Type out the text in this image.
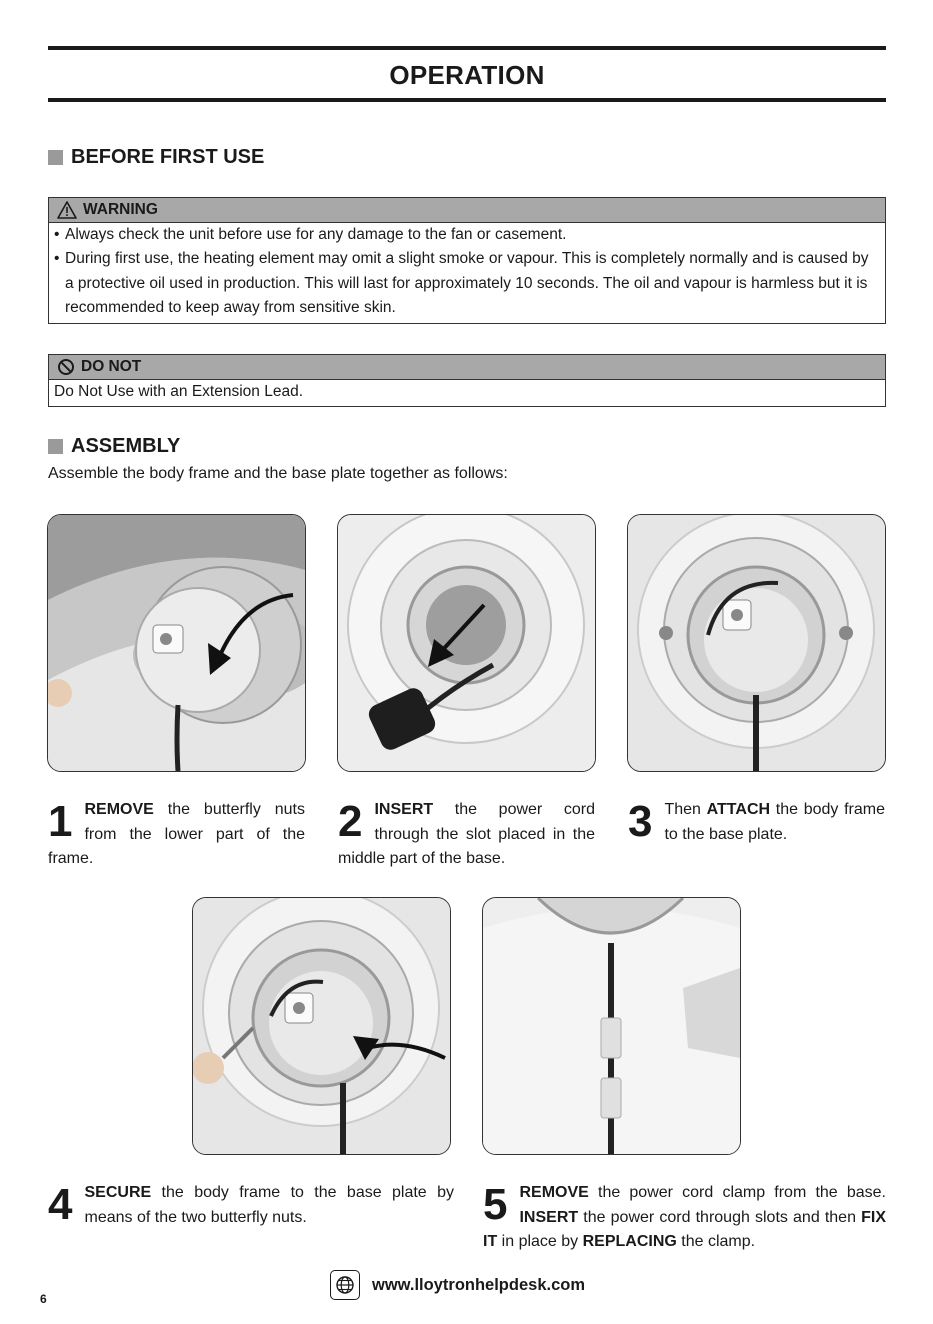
OPERATION
BEFORE FIRST USE
WARNING
• Always check the unit before use for any damage to the fan or casement.
• During first use, the heating element may omit a slight smoke or vapour. This is completely normally and is caused by a protective oil used in production. This will last for approximately 10 seconds. The oil and vapour is harmless but it is recommended to keep away from sensitive skin.
DO NOT
Do Not Use with an Extension Lead.
ASSEMBLY
Assemble the body frame and the base plate together as follows:
1 REMOVE the butterfly nuts from the lower part of the frame.
2 INSERT the power cord through the slot placed in the middle part of the base.
3 Then ATTACH the body frame to the base plate.
4 SECURE the body frame to the base plate by means of the two butterfly nuts.	5 REMOVE the power cord clamp from the base. INSERT the power cord through slots and then FIX IT in place by REPLACING the clamp.
www.lloytronhelpdesk.com
6
